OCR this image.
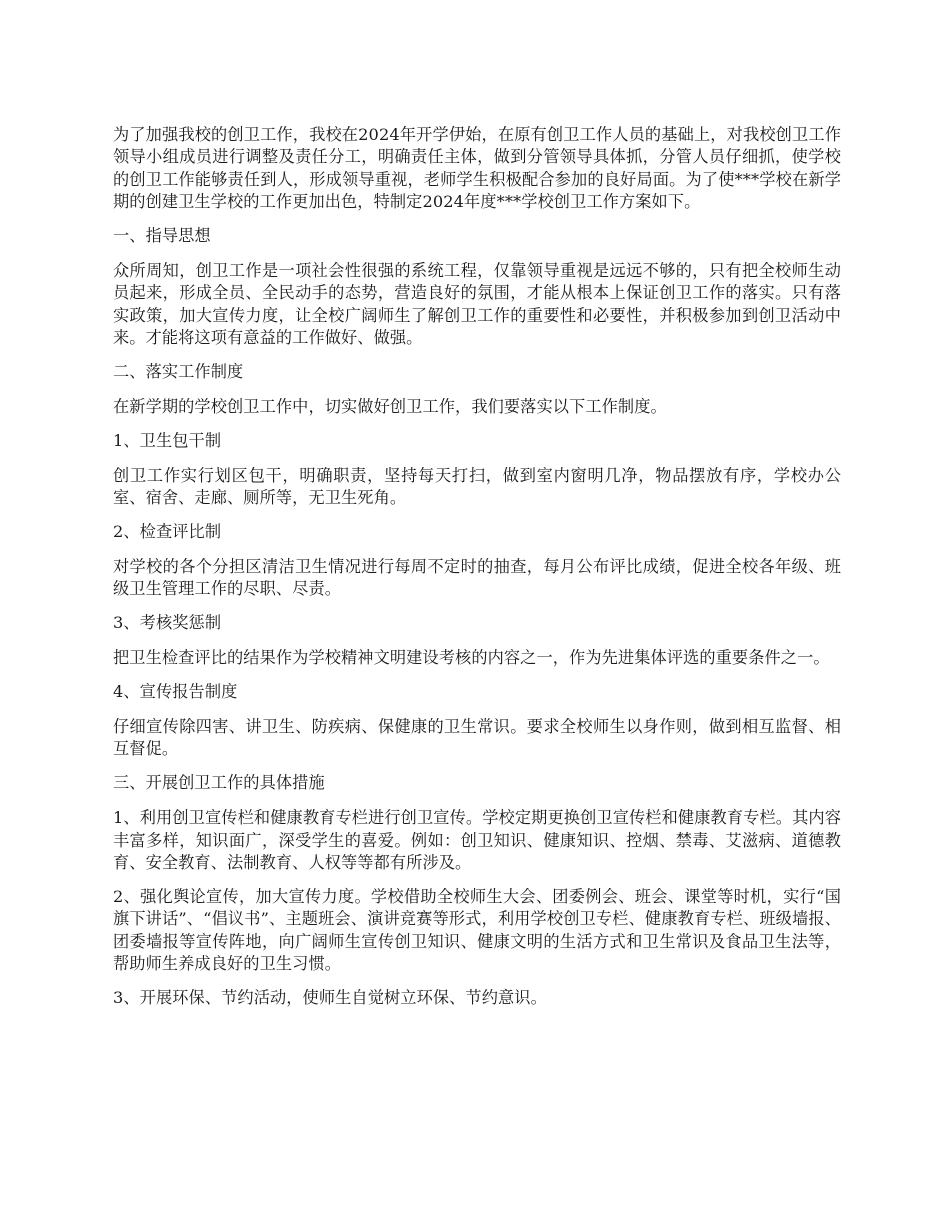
为了加强我校的创卫工作，我校在2024年开学伊始，在原有创卫工作人员的基础上，对我校创卫工作领导小组成员进行调整及责任分工，明确责任主体，做到分管领导具体抓，分管人员仔细抓，使学校的创卫工作能够责任到人，形成领导重视，老师学生积极配合参加的良好局面。为了使***学校在新学期的创建卫生学校的工作更加出色，特制定2024年度***学校创卫工作方案如下。

一、指导思想

众所周知，创卫工作是一项社会性很强的系统工程，仅靠领导重视是远远不够的，只有把全校师生动员起来，形成全员、全民动手的态势，营造良好的氛围，才能从根本上保证创卫工作的落实。只有落实政策，加大宣传力度，让全校广阔师生了解创卫工作的重要性和必要性，并积极参加到创卫活动中来。才能将这项有意益的工作做好、做强。

二、落实工作制度

在新学期的学校创卫工作中，切实做好创卫工作，我们要落实以下工作制度。

1、卫生包干制

创卫工作实行划区包干，明确职责，坚持每天打扫，做到室内窗明几净，物品摆放有序，学校办公室、宿舍、走廊、厕所等，无卫生死角。

2、检查评比制

对学校的各个分担区清洁卫生情况进行每周不定时的抽查，每月公布评比成绩，促进全校各年级、班级卫生管理工作的尽职、尽责。

3、考核奖惩制

把卫生检查评比的结果作为学校精神文明建设考核的内容之一，作为先进集体评选的重要条件之一。

4、宣传报告制度

仔细宣传除四害、讲卫生、防疾病、保健康的卫生常识。要求全校师生以身作则，做到相互监督、相互督促。

三、开展创卫工作的具体措施

1、利用创卫宣传栏和健康教育专栏进行创卫宣传。学校定期更换创卫宣传栏和健康教育专栏。其内容丰富多样，知识面广，深受学生的喜爱。例如：创卫知识、健康知识、控烟、禁毒、艾滋病、道德教育、安全教育、法制教育、人权等等都有所涉及。

2、强化舆论宣传，加大宣传力度。学校借助全校师生大会、团委例会、班会、课堂等时机，实行“国旗下讲话”、“倡议书”、主题班会、演讲竞赛等形式，利用学校创卫专栏、健康教育专栏、班级墙报、团委墙报等宣传阵地，向广阔师生宣传创卫知识、健康文明的生活方式和卫生常识及食品卫生法等，帮助师生养成良好的卫生习惯。

3、开展环保、节约活动，使师生自觉树立环保、节约意识。
